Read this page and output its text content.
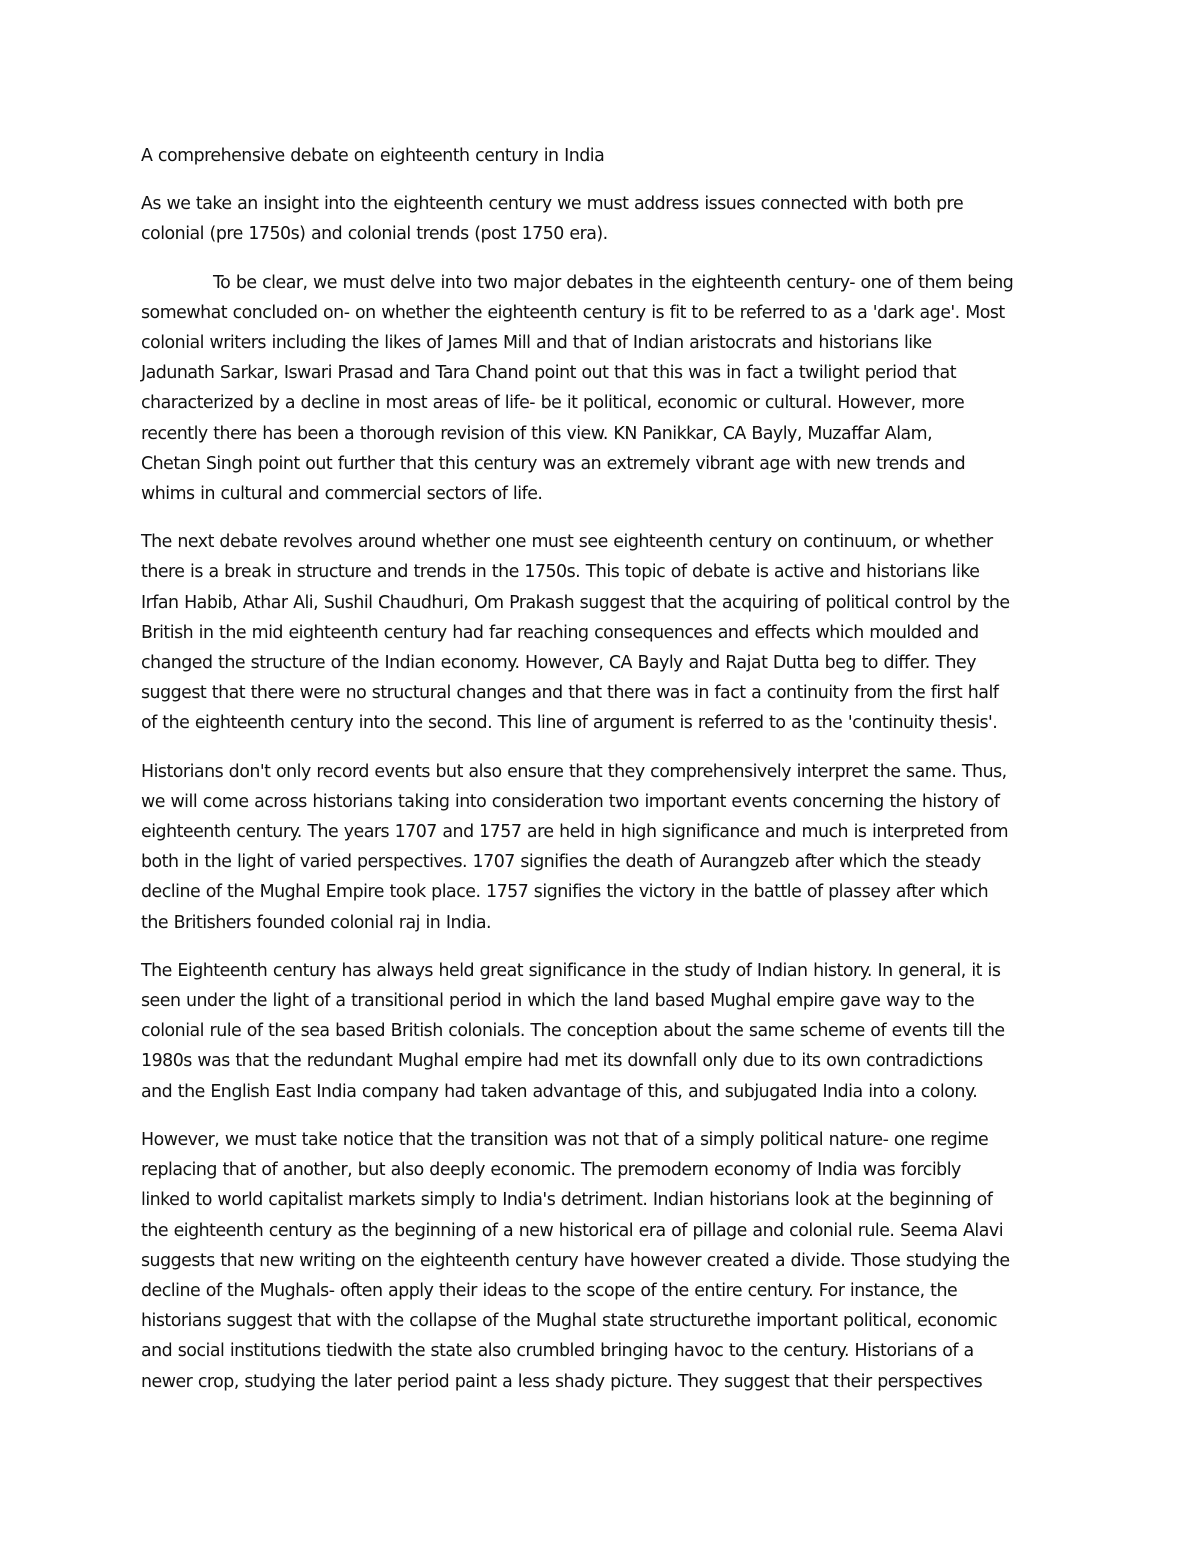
A comprehensive debate on eighteenth century in India

As we take an insight into the eighteenth century we must address issues connected with both pre
colonial (pre 1750s) and colonial trends (post 1750 era).

To be clear, we must delve into two major debates in the eighteenth century- one of them being
somewhat concluded on- on whether the eighteenth century is fit to be referred to as a 'dark age'. Most
colonial writers including the likes of James Mill and that of Indian aristocrats and historians like
Jadunath Sarkar, Iswari Prasad and Tara Chand point out that this was in fact a twilight period that
characterized by a decline in most areas of life- be it political, economic or cultural. However, more
recently there has been a thorough revision of this view. KN Panikkar, CA Bayly, Muzaffar Alam,
Chetan Singh point out further that this century was an extremely vibrant age with new trends and
whims in cultural and commercial sectors of life.

The next debate revolves around whether one must see eighteenth century on continuum, or whether
there is a break in structure and trends in the 1750s. This topic of debate is active and historians like
Irfan Habib, Athar Ali, Sushil Chaudhuri, Om Prakash suggest that the acquiring of political control by the
British in the mid eighteenth century had far reaching consequences and effects which moulded and
changed the structure of the Indian economy. However, CA Bayly and Rajat Dutta beg to differ. They
suggest that there were no structural changes and that there was in fact a continuity from the first half
of the eighteenth century into the second. This line of argument is referred to as the 'continuity thesis'.

Historians don't only record events but also ensure that they comprehensively interpret the same. Thus,
we will come across historians taking into consideration two important events concerning the history of
eighteenth century. The years 1707 and 1757 are held in high significance and much is interpreted from
both in the light of varied perspectives. 1707 signifies the death of Aurangzeb after which the steady
decline of the Mughal Empire took place. 1757 signifies the victory in the battle of plassey after which
the Britishers founded colonial raj in India.

The Eighteenth century has always held great significance in the study of Indian history. In general, it is
seen under the light of a transitional period in which the land based Mughal empire gave way to the
colonial rule of the sea based British colonials. The conception about the same scheme of events till the
1980s was that the redundant Mughal empire had met its downfall only due to its own contradictions
and the English East India company had taken advantage of this, and subjugated India into a colony.

However, we must take notice that the transition was not that of a simply political nature- one regime
replacing that of another, but also deeply economic. The premodern economy of India was forcibly
linked to world capitalist markets simply to India's detriment. Indian historians look at the beginning of
the eighteenth century as the beginning of a new historical era of pillage and colonial rule. Seema Alavi
suggests that new writing on the eighteenth century have however created a divide. Those studying the
decline of the Mughals- often apply their ideas to the scope of the entire century. For instance, the
historians suggest that with the collapse of the Mughal state structurethe important political, economic
and social institutions tiedwith the state also crumbled bringing havoc to the century. Historians of a
newer crop, studying the later period paint a less shady picture. They suggest that their perspectives
